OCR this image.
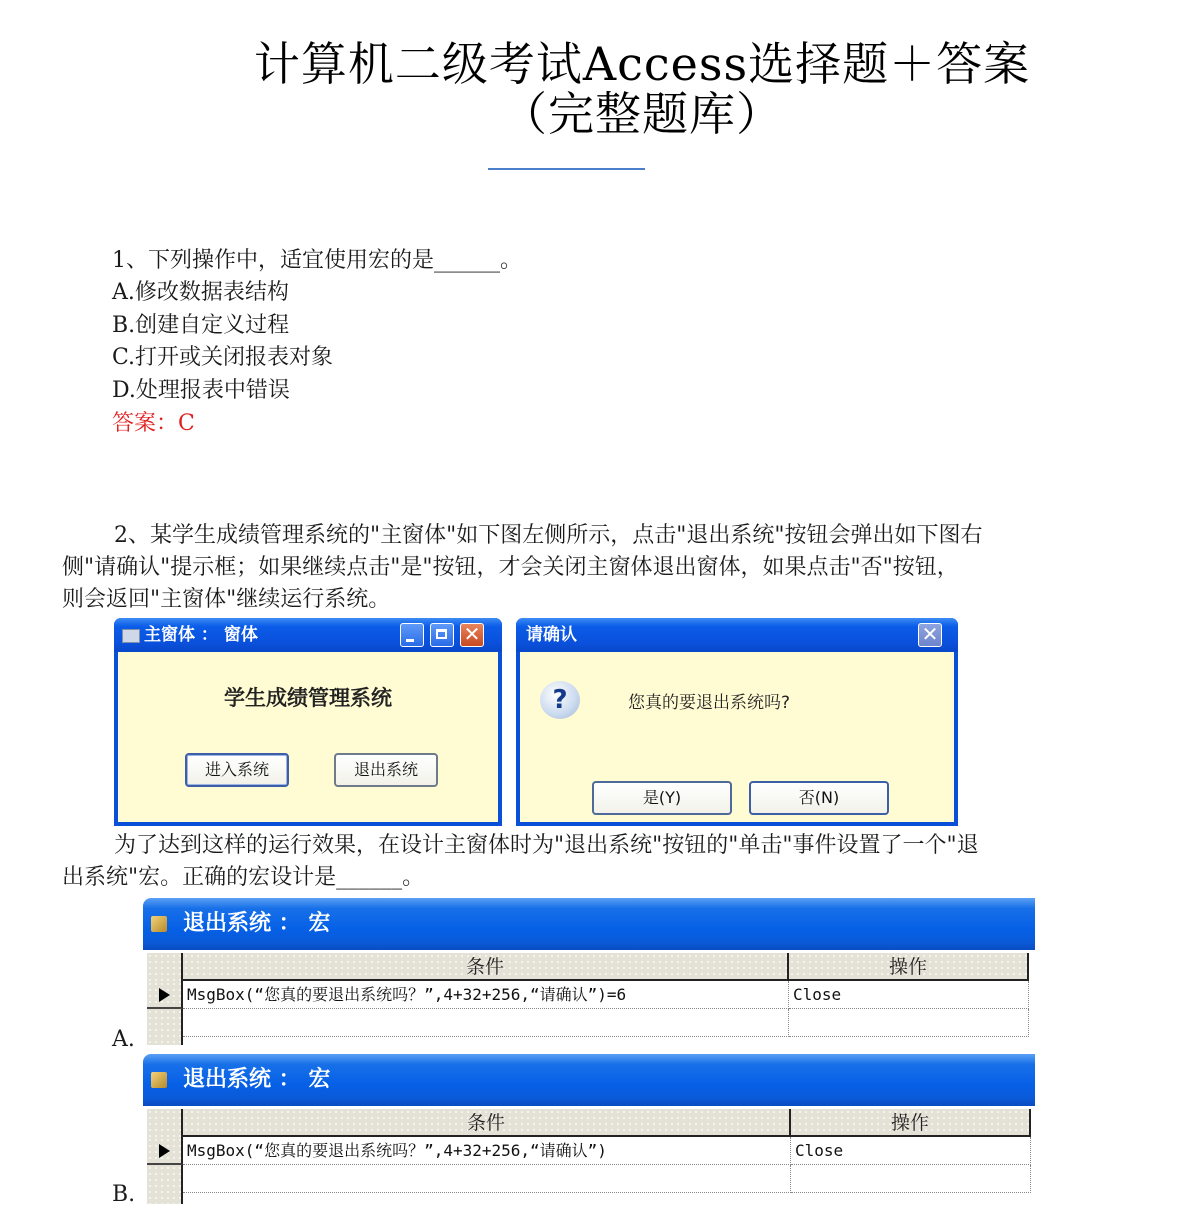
计算机二级考试Access选择题＋答案
（完整题库）
1、下列操作中，适宜使用宏的是______。
A.修改数据表结构
B.创建自定义过程
C.打开或关闭报表对象
D.处理报表中错误
答案：C
2、某学生成绩管理系统的"主窗体"如下图左侧所示，点击"退出系统"按钮会弹出如下图右
侧"请确认"提示框；如果继续点击"是"按钮，才会关闭主窗体退出窗体，如果点击"否"按钮，
则会返回"主窗体"继续运行系统。
主窗体 ： 窗体	✕
学生成绩管理系统
进入系统	退出系统
请确认	✕
?	您真的要退出系统吗?
是(Y)	否(N)
为了达到这样的运行效果，在设计主窗体时为"退出系统"按钮的"单击"事件设置了一个"退
出系统"宏。正确的宏设计是______。
A.
退出系统 ： 宏
条件	操作
MsgBox(“您真的要退出系统吗？”,4+32+256,“请确认”)=6	Close
B.
退出系统 ： 宏
条件	操作
MsgBox(“您真的要退出系统吗？”,4+32+256,“请确认”)	Close
